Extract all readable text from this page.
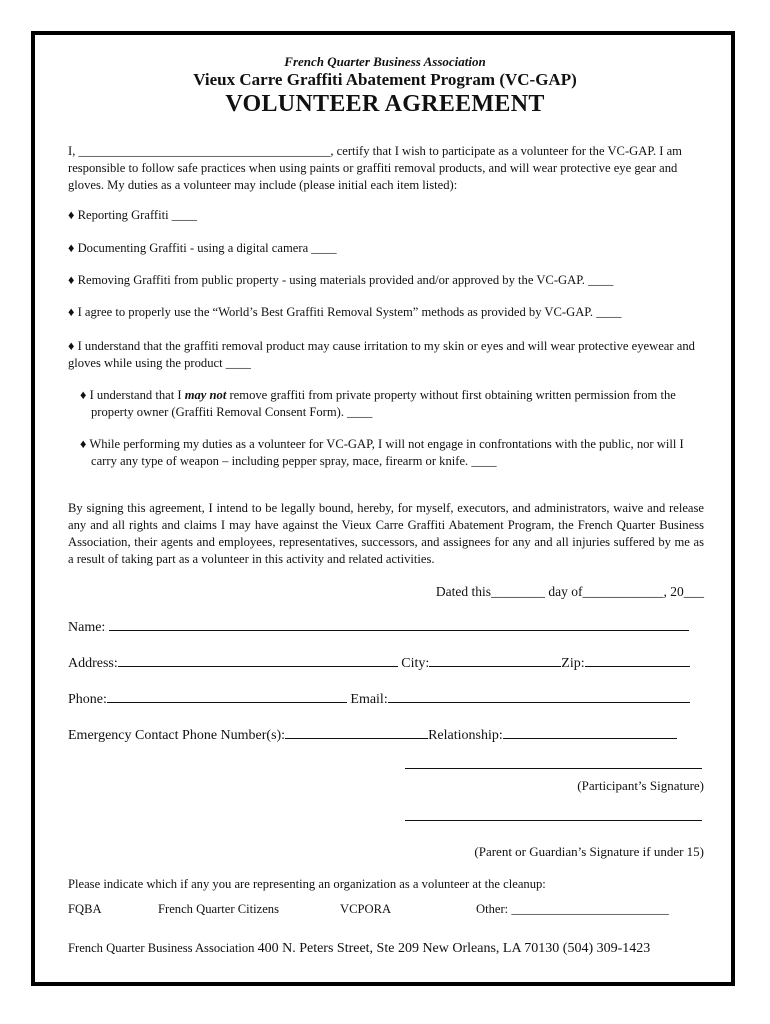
French Quarter Business Association
Vieux Carre Graffiti Abatement Program (VC-GAP)
VOLUNTEER AGREEMENT
I, ________________________________________, certify that I wish to participate as a volunteer for the VC-GAP. I am responsible to follow safe practices when using paints or graffiti removal products, and will wear protective eye gear and gloves. My duties as a volunteer may include (please initial each item listed):
♦ Reporting Graffiti ____
♦ Documenting Graffiti - using a digital camera ____
♦ Removing Graffiti from public property - using materials provided and/or approved by the VC-GAP. ____
♦ I agree to properly use the “World’s Best Graffiti Removal System” methods as provided by VC-GAP. ____
♦ I understand that the graffiti removal product may cause irritation to my skin or eyes and will wear protective eyewear and gloves while using the product ____
♦ I understand that I may not remove graffiti from private property without first obtaining written permission from the property owner (Graffiti Removal Consent Form). ____
♦ While performing my duties as a volunteer for VC-GAP, I will not engage in confrontations with the public, nor will I carry any type of weapon – including pepper spray, mace, firearm or knife. ____
By signing this agreement, I intend to be legally bound, hereby, for myself, executors, and administrators, waive and release any and all rights and claims I may have against the Vieux Carre Graffiti Abatement Program, the French Quarter Business Association, their agents and employees, representatives, successors, and assignees for any and all injuries suffered by me as a result of taking part as a volunteer in this activity and related activities.
Dated this________ day of____________, 20___
Name:
Address:	City:	Zip:
Phone:	Email:
Emergency Contact Phone Number(s):	Relationship:
(Participant’s Signature)
(Parent or Guardian’s Signature if under 15)
Please indicate which if any you are representing an organization as a volunteer at the cleanup:
FQBA	French Quarter Citizens	VCPORA	Other: _________________________
French Quarter Business Association 400 N. Peters Street, Ste 209 New Orleans, LA 70130 (504) 309-1423
